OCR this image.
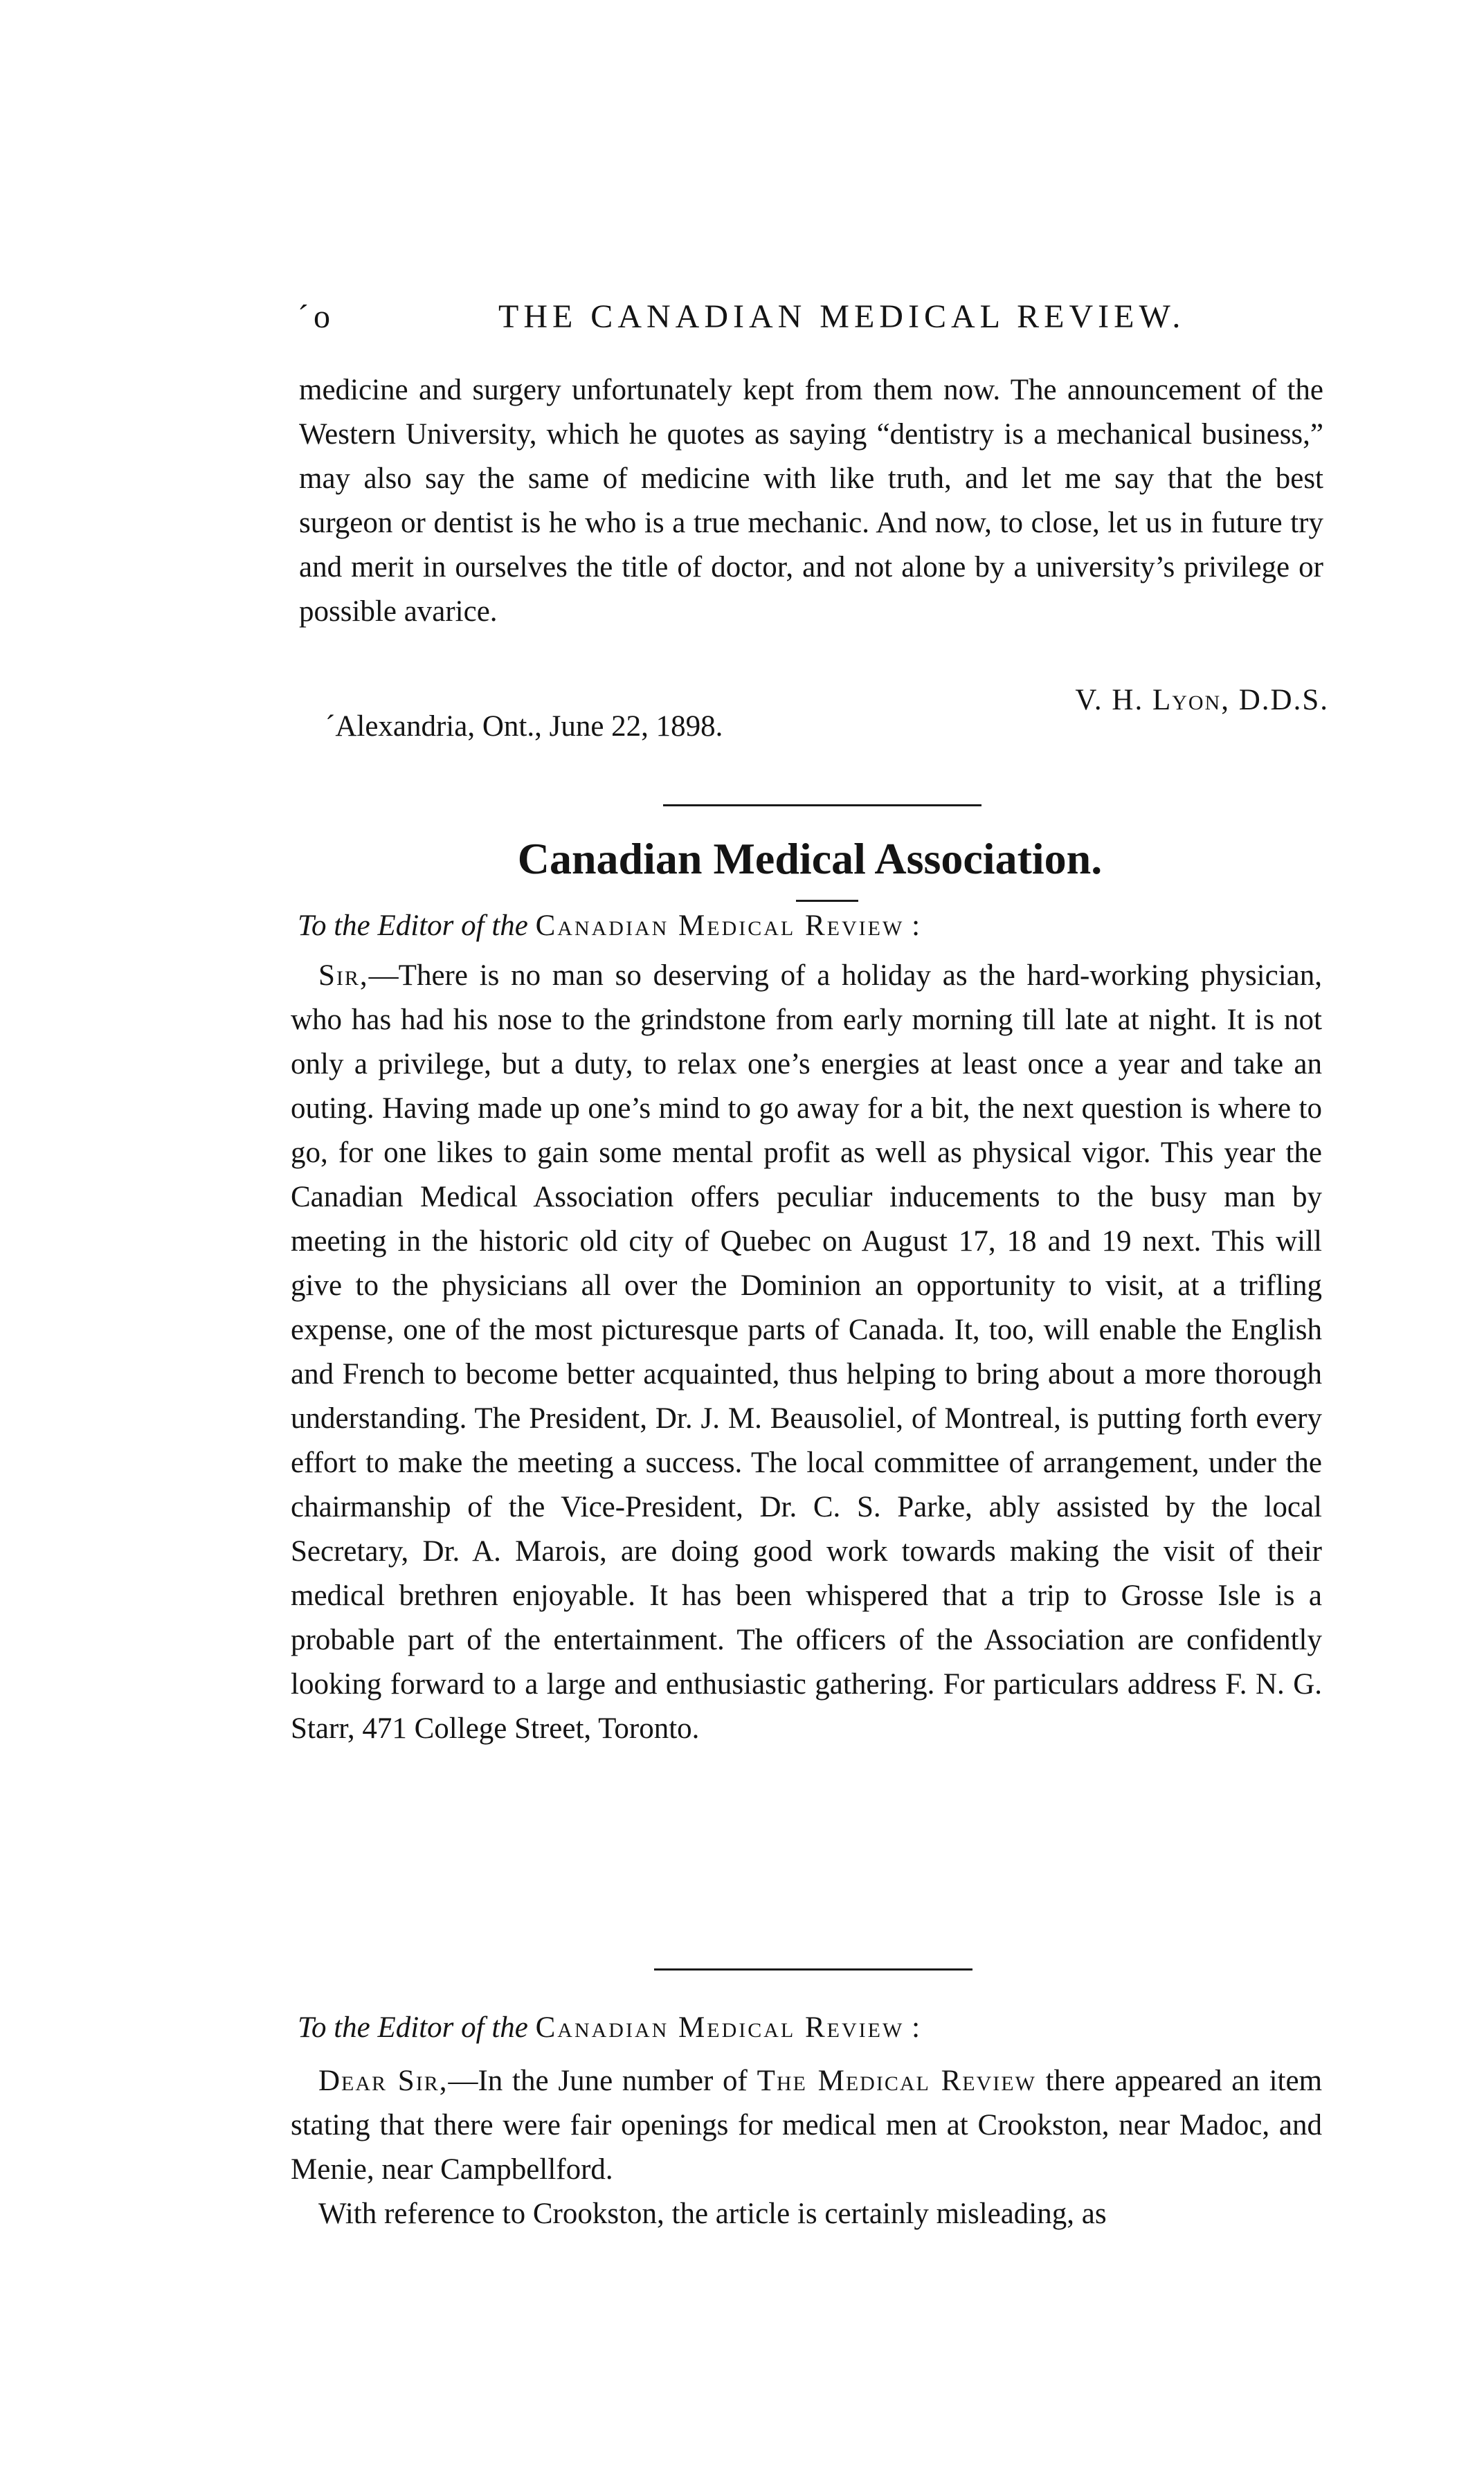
´o	THE CANADIAN MEDICAL REVIEW.

medicine and surgery unfortunately kept from them now. The announcement of the Western University, which he quotes as saying “dentistry is a mechanical business,” may also say the same of medicine with like truth, and let me say that the best surgeon or dentist is he who is a true mechanic. And now, to close, let us in future try and merit in ourselves the title of doctor, and not alone by a university’s privilege or possible avarice.

V. H. Lyon, D.D.S.
´Alexandria, Ont., June 22, 1898.
Canadian Medical Association.
To the Editor of the Canadian Medical Review :

Sir,—There is no man so deserving of a holiday as the hard-working physician, who has had his nose to the grindstone from early morning till late at night. It is not only a privilege, but a duty, to relax one’s energies at least once a year and take an outing. Having made up one’s mind to go away for a bit, the next question is where to go, for one likes to gain some mental profit as well as physical vigor. This year the Canadian Medical Association offers peculiar inducements to the busy man by meeting in the historic old city of Quebec on August 17, 18 and 19 next. This will give to the physicians all over the Dominion an opportunity to visit, at a trifling expense, one of the most picturesque parts of Canada. It, too, will enable the English and French to become better acquainted, thus helping to bring about a more thorough understanding. The President, Dr. J. M. Beausoliel, of Montreal, is putting forth every effort to make the meeting a success. The local committee of arrangement, under the chairmanship of the Vice-President, Dr. C. S. Parke, ably assisted by the local Secretary, Dr. A. Marois, are doing good work towards making the visit of their medical brethren enjoyable. It has been whispered that a trip to Grosse Isle is a probable part of the entertainment. The officers of the Association are confidently looking forward to a large and enthusiastic gathering. For particulars address F. N. G. Starr, 471 College Street, Toronto.

To the Editor of the Canadian Medical Review :

Dear Sir,—In the June number of The Medical Review there appeared an item stating that there were fair openings for medical men at Crookston, near Madoc, and Menie, near Campbellford.

With reference to Crookston, the article is certainly misleading, as
